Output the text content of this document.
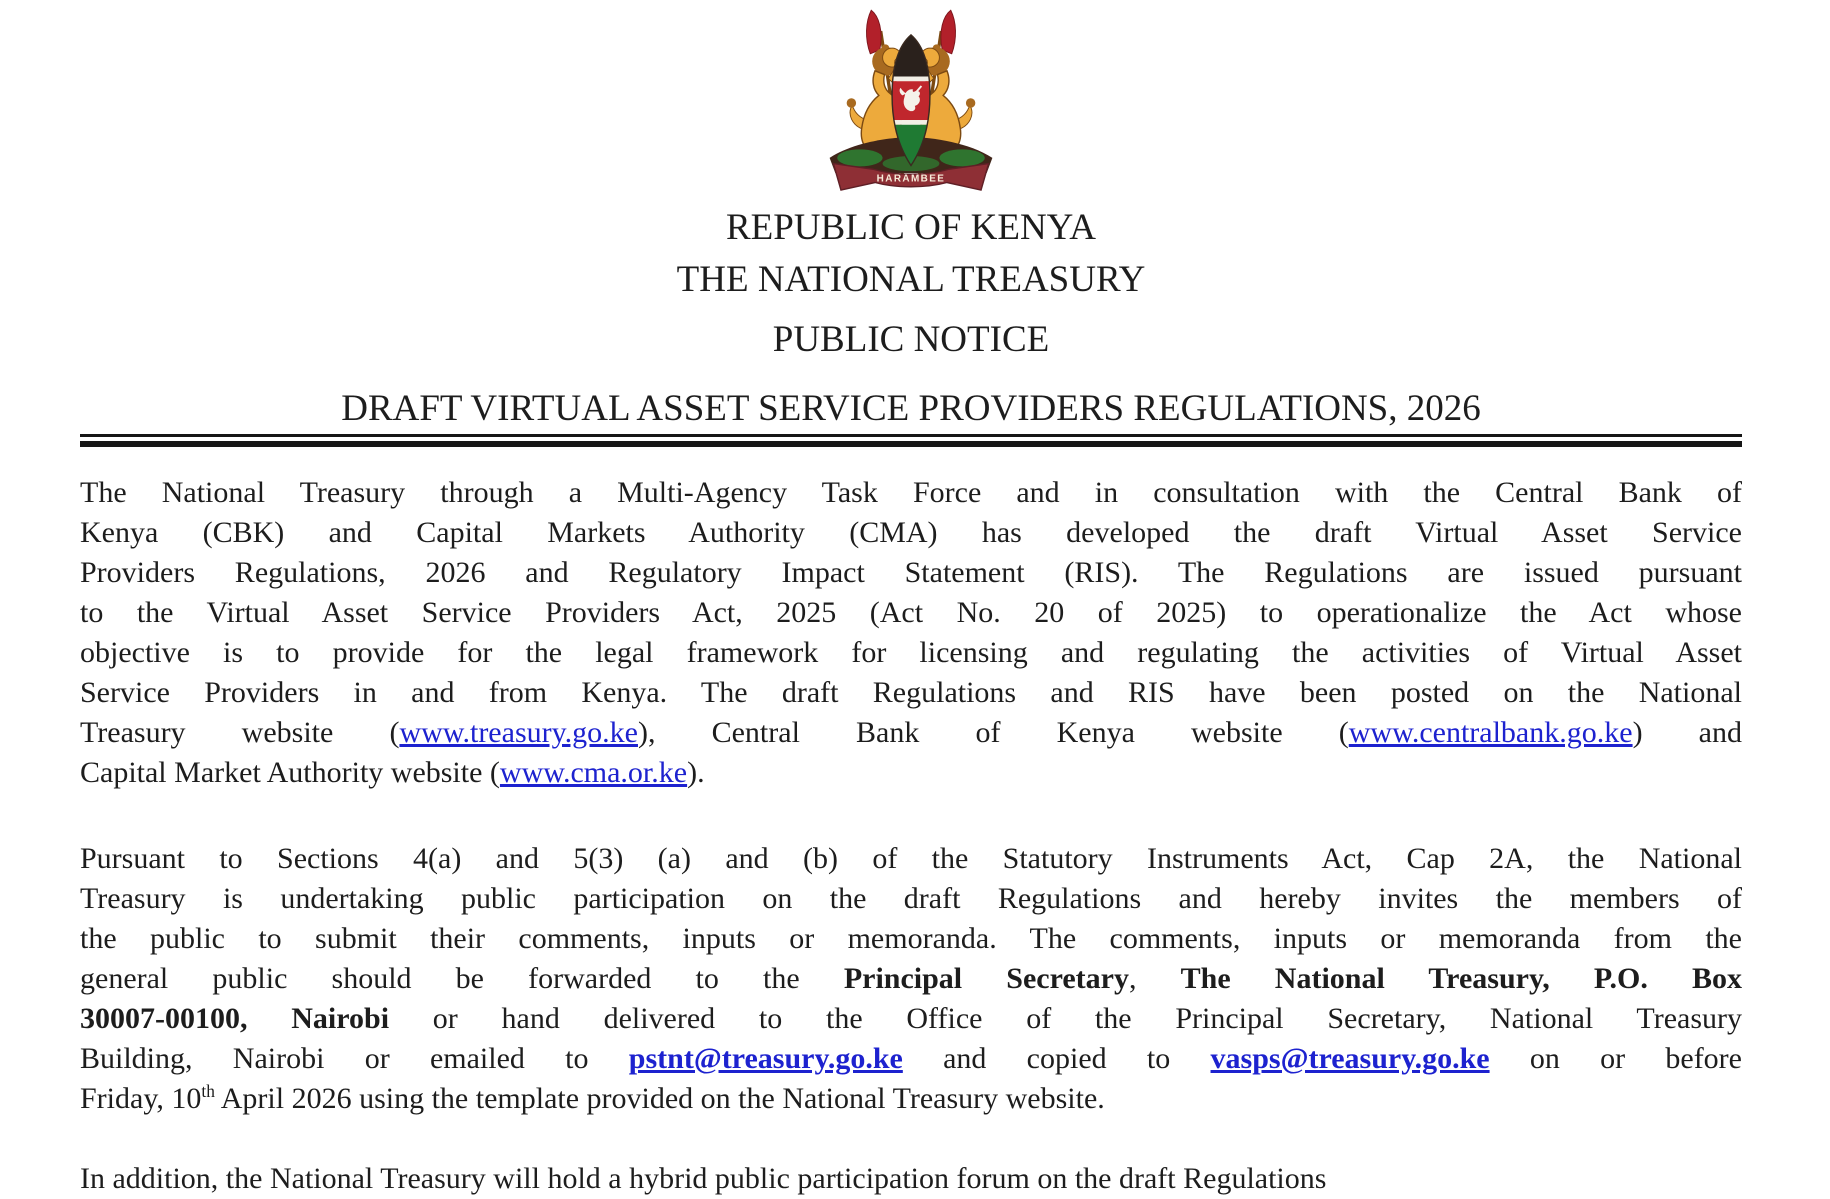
HARAMBEE
REPUBLIC OF KENYA
THE NATIONAL TREASURY
PUBLIC NOTICE
DRAFT VIRTUAL ASSET SERVICE PROVIDERS REGULATIONS, 2026
The National Treasury through a Multi-Agency Task Force and in consultation with the Central Bank of
Kenya (CBK) and Capital Markets Authority (CMA) has developed the draft Virtual Asset Service
Providers Regulations, 2026 and Regulatory Impact Statement (RIS). The Regulations are issued pursuant
to the Virtual Asset Service Providers Act, 2025 (Act No. 20 of 2025) to operationalize the Act whose
objective is to provide for the legal framework for licensing and regulating the activities of Virtual Asset
Service Providers in and from Kenya. The draft Regulations and RIS have been posted on the National
Treasury website (www.treasury.go.ke), Central Bank of Kenya website (www.centralbank.go.ke) and
Capital Market Authority website (www.cma.or.ke).
Pursuant to Sections 4(a) and 5(3) (a) and (b) of the Statutory Instruments Act, Cap 2A, the National
Treasury is undertaking public participation on the draft Regulations and hereby invites the members of
the public to submit their comments, inputs or memoranda. The comments, inputs or memoranda from the
general public should be forwarded to the Principal Secretary, The National Treasury, P.O. Box
30007-00100, Nairobi or hand delivered to the Office of the Principal Secretary, National Treasury
Building, Nairobi or emailed to pstnt@treasury.go.ke and copied to vasps@treasury.go.ke on or before
Friday, 10th April 2026 using the template provided on the National Treasury website.
In addition, the National Treasury will hold a hybrid public participation forum on the draft Regulations
